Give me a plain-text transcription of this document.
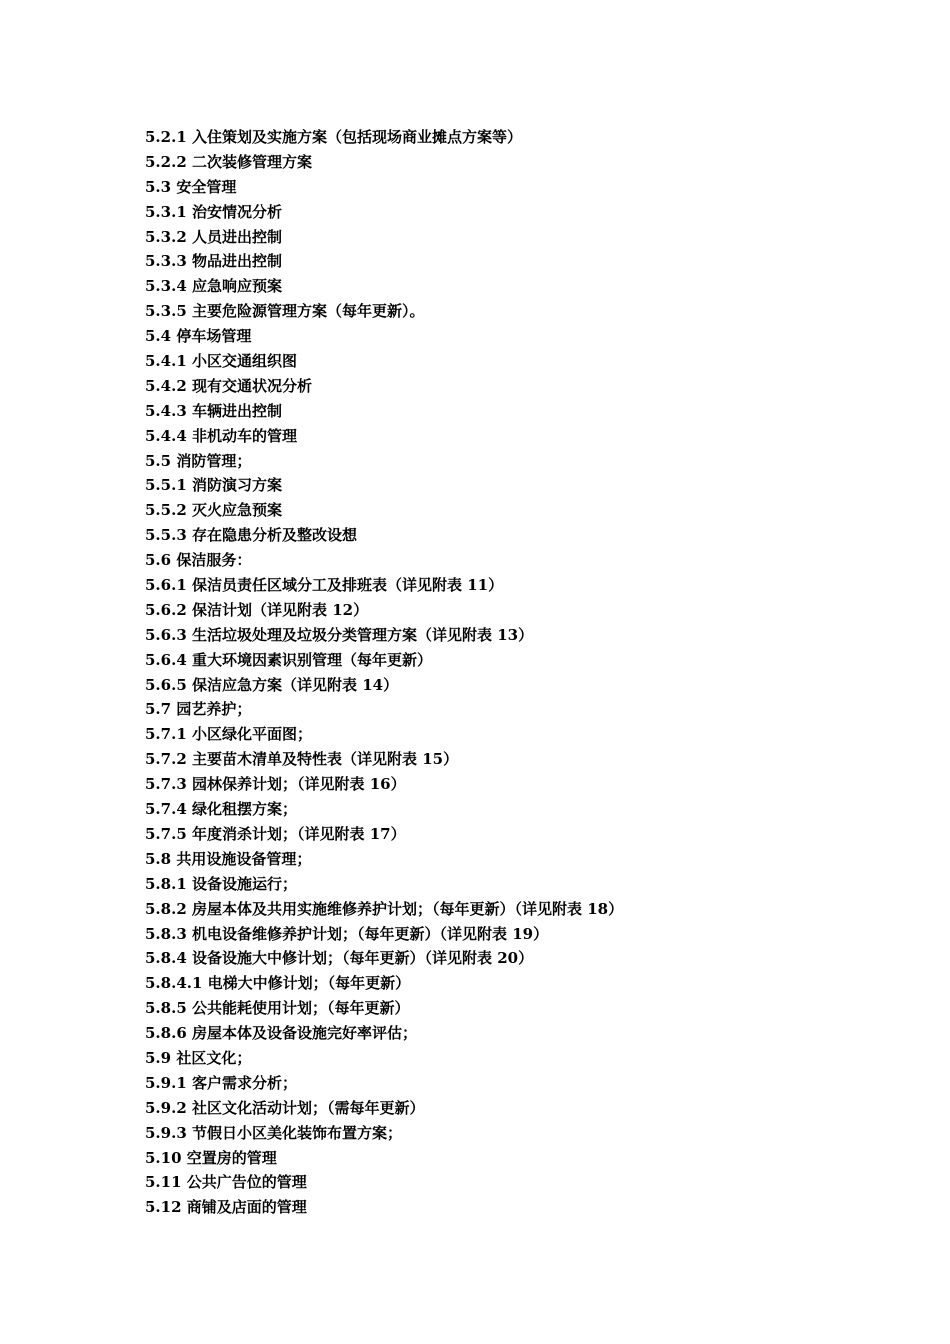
5.2.1 入住策划及实施方案（包括现场商业摊点方案等）
5.2.2 二次装修管理方案
5.3 安全管理
5.3.1 治安情况分析
5.3.2 人员进出控制
5.3.3 物品进出控制
5.3.4 应急响应预案
5.3.5 主要危险源管理方案（每年更新）。
5.4 停车场管理
5.4.1 小区交通组织图
5.4.2 现有交通状况分析
5.4.3 车辆进出控制
5.4.4 非机动车的管理
5.5 消防管理；
5.5.1 消防演习方案
5.5.2 灭火应急预案
5.5.3 存在隐患分析及整改设想
5.6 保洁服务：
5.6.1 保洁员责任区域分工及排班表（详见附表 11）
5.6.2 保洁计划（详见附表 12）
5.6.3 生活垃圾处理及垃圾分类管理方案（详见附表 13）
5.6.4 重大环境因素识别管理（每年更新）
5.6.5 保洁应急方案（详见附表 14）
5.7 园艺养护；
5.7.1 小区绿化平面图；
5.7.2 主要苗木清单及特性表（详见附表 15）
5.7.3 园林保养计划；（详见附表 16）
5.7.4 绿化租摆方案；
5.7.5 年度消杀计划；（详见附表 17）
5.8 共用设施设备管理；
5.8.1 设备设施运行；
5.8.2 房屋本体及共用实施维修养护计划；（每年更新）（详见附表 18）
5.8.3 机电设备维修养护计划；（每年更新）（详见附表 19）
5.8.4 设备设施大中修计划；（每年更新）（详见附表 20）
5.8.4.1 电梯大中修计划；（每年更新）
5.8.5 公共能耗使用计划；（每年更新）
5.8.6 房屋本体及设备设施完好率评估；
5.9 社区文化；
5.9.1 客户需求分析；
5.9.2 社区文化活动计划；（需每年更新）
5.9.3 节假日小区美化装饰布置方案；
5.10 空置房的管理
5.11 公共广告位的管理
5.12 商铺及店面的管理
